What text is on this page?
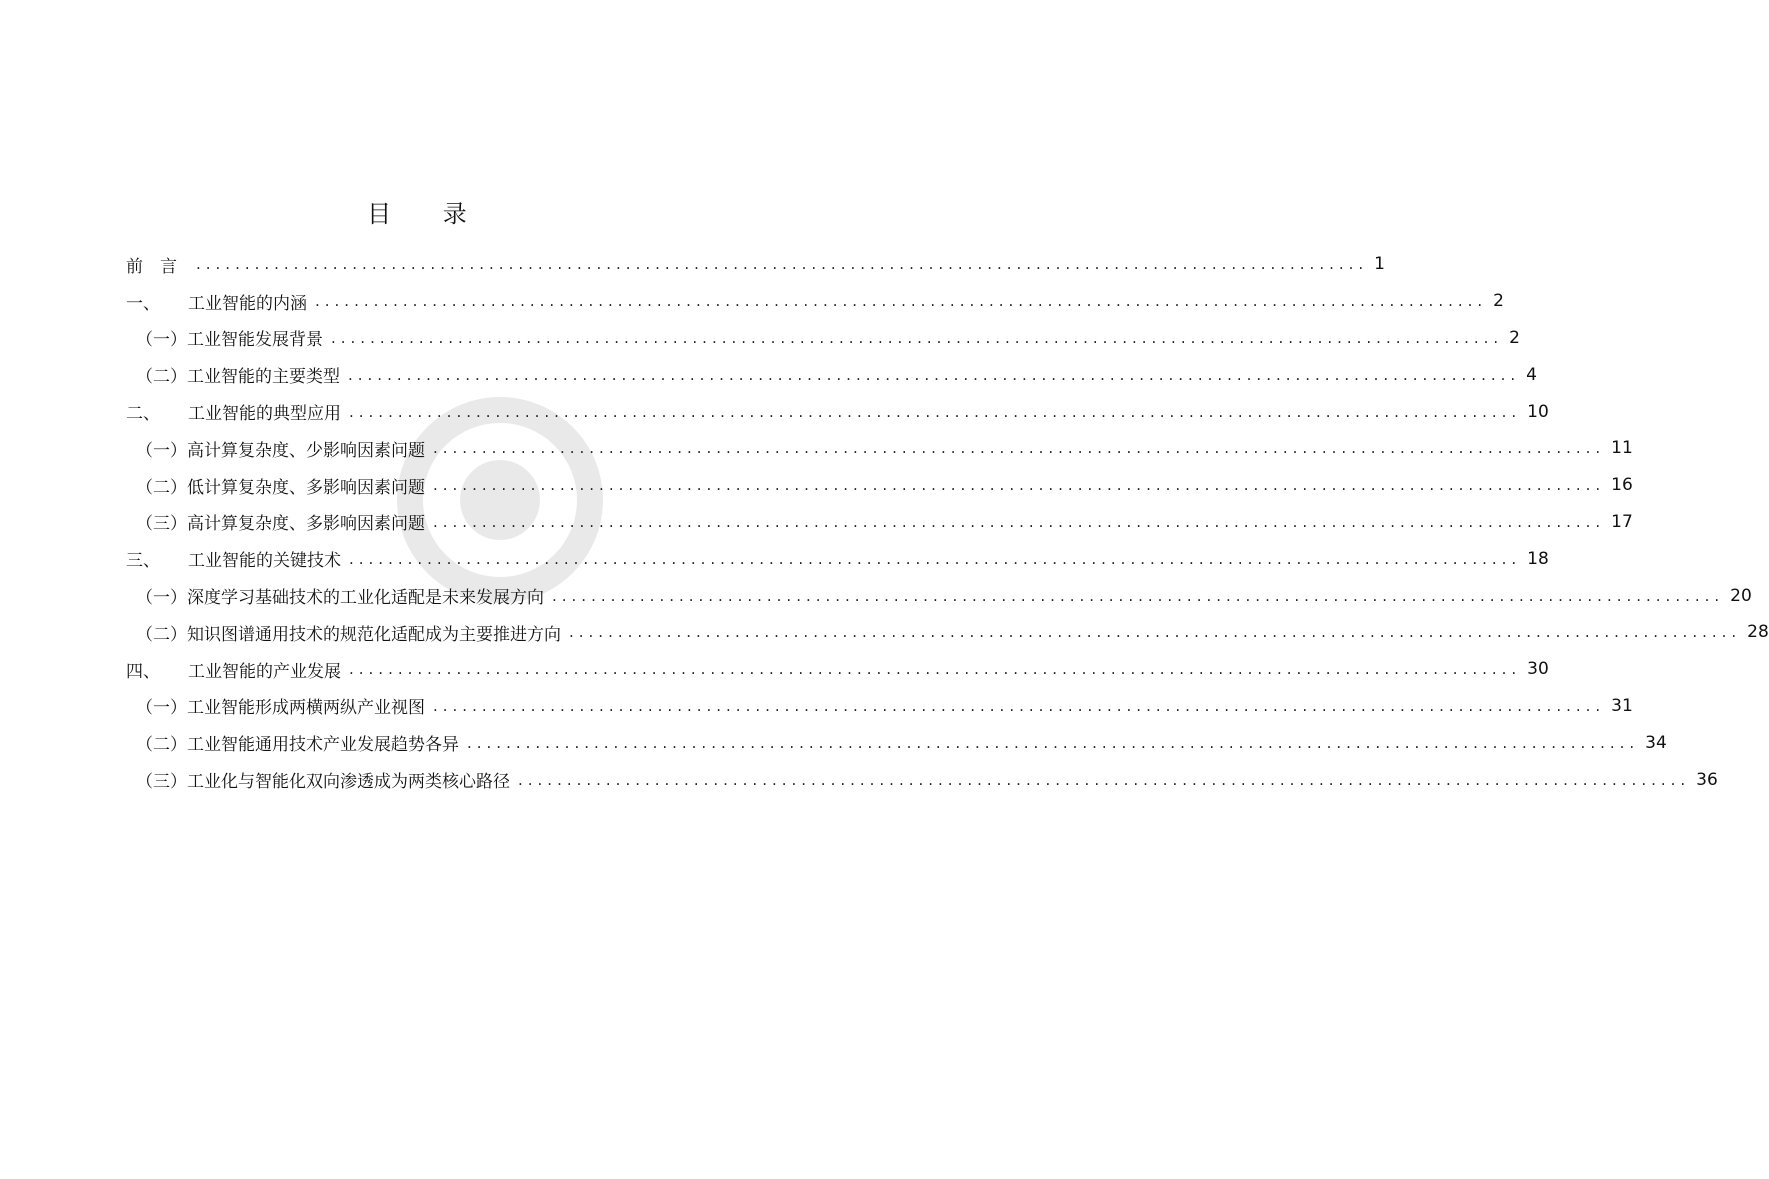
目 录
前　言	........................................................................................................................ 1
一、	工业智能的内涵 ........................................................................................................................ 2
（一） 工业智能发展背景 ........................................................................................................................ 2
（二） 工业智能的主要类型 ........................................................................................................................ 4
二、	工业智能的典型应用 ........................................................................................................................ 10
（一） 高计算复杂度、少影响因素问题 ........................................................................................................................ 11
（二） 低计算复杂度、多影响因素问题 ........................................................................................................................ 16
（三） 高计算复杂度、多影响因素问题 ........................................................................................................................ 17
三、	工业智能的关键技术 ........................................................................................................................ 18
（一） 深度学习基础技术的工业化适配是未来发展方向 ........................................................................................................................ 20
（二） 知识图谱通用技术的规范化适配成为主要推进方向 ........................................................................................................................ 28
四、	工业智能的产业发展 ........................................................................................................................ 30
（一） 工业智能形成两横两纵产业视图 ........................................................................................................................ 31
（二） 工业智能通用技术产业发展趋势各异 ........................................................................................................................ 34
（三） 工业化与智能化双向渗透成为两类核心路径 ........................................................................................................................ 36
